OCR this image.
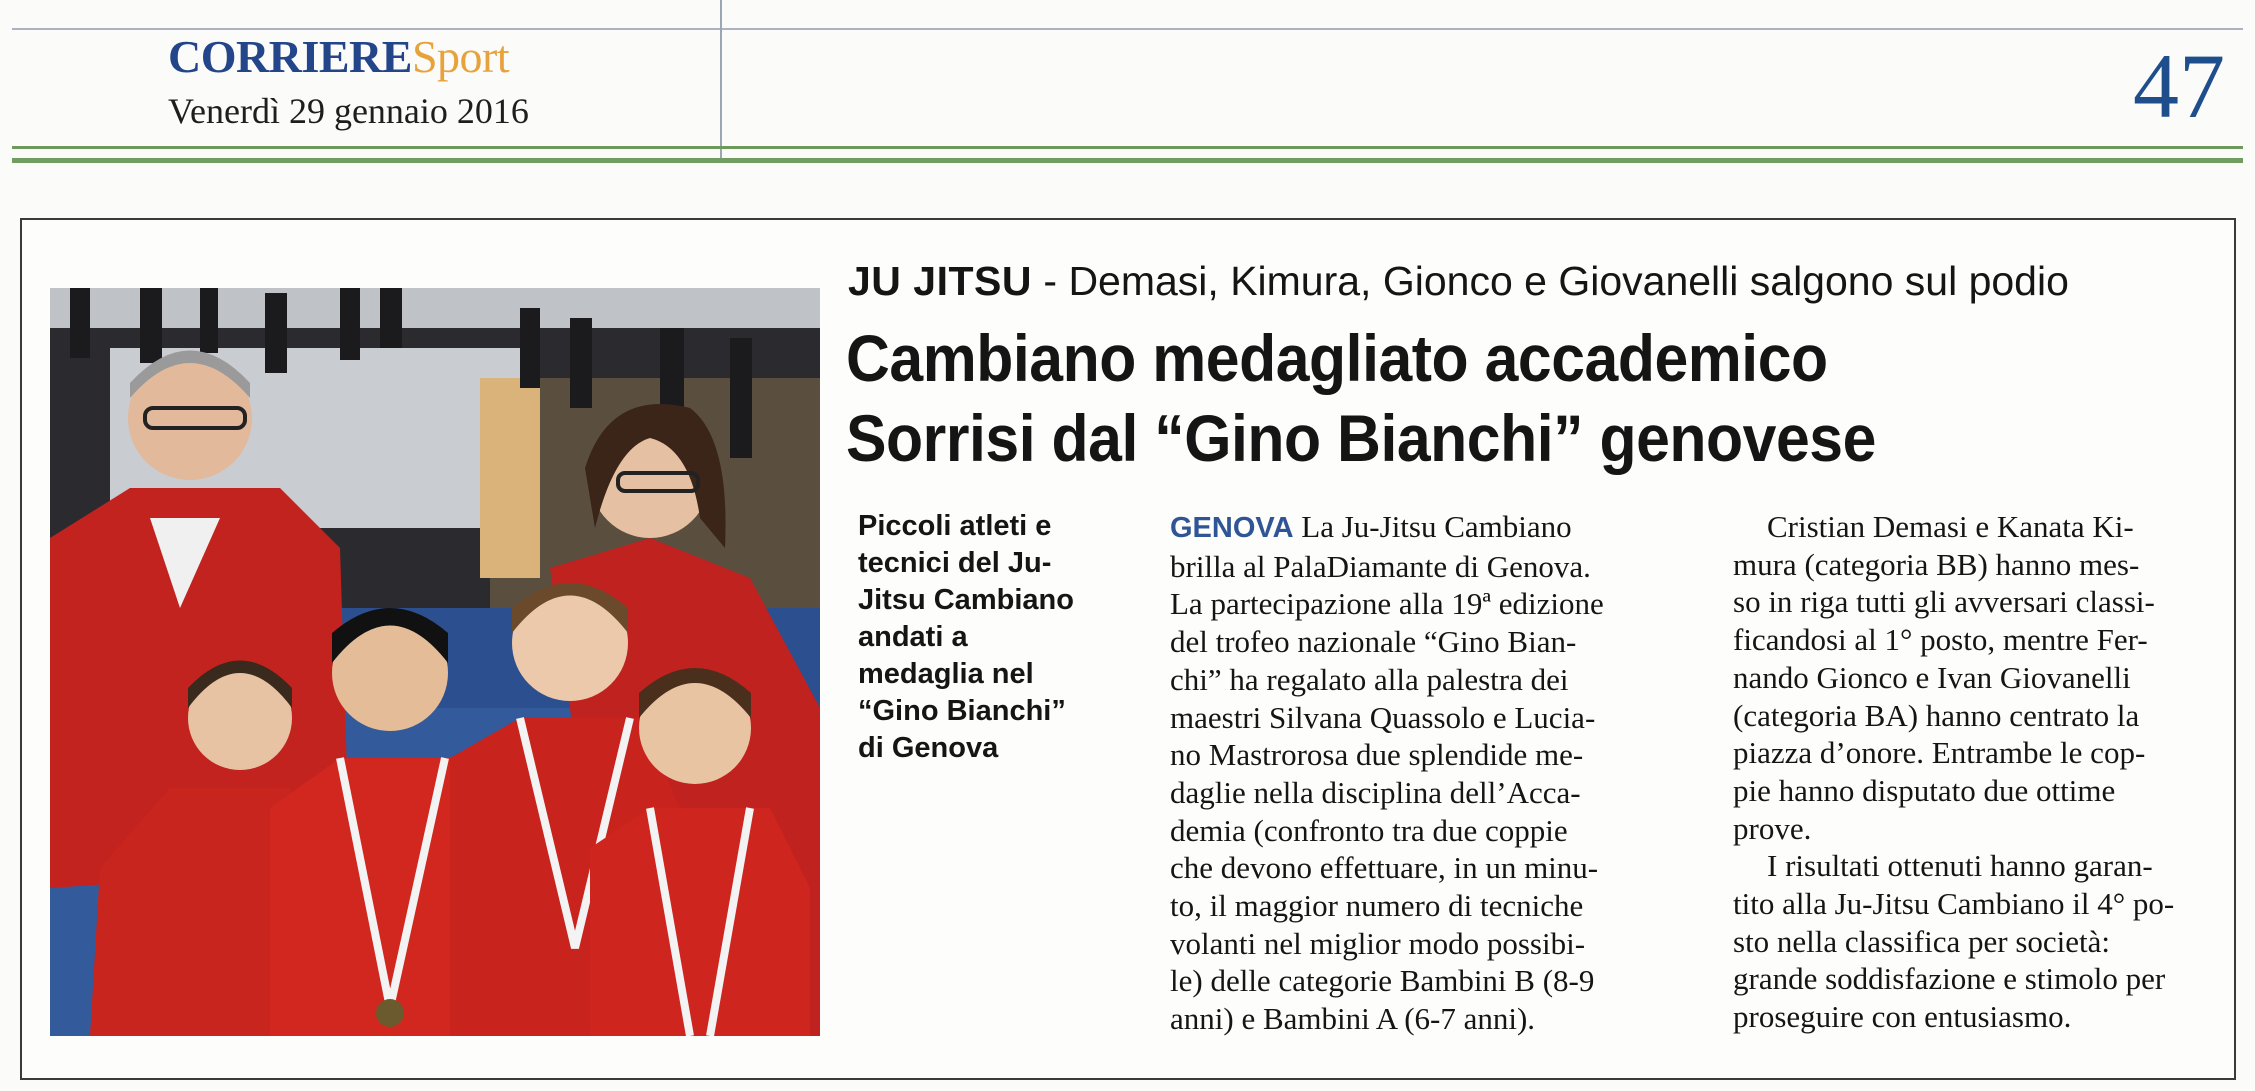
CORRIERESport
Venerdì 29 gennaio 2016	47
JU JITSU - Demasi, Kimura, Gionco e Giovanelli salgono sul podio
Cambiano medagliato accademico
Sorrisi dal “Gino Bianchi” genovese
Piccoli atleti e
tecnici del Ju-
Jitsu Cambiano
andati a
medaglia nel
“Gino Bianchi”
di Genova
GENOVA La Ju-Jitsu Cambiano
brilla al PalaDiamante di Genova.
La partecipazione alla 19ª edizione
del trofeo nazionale “Gino Bian-
chi” ha regalato alla palestra dei
maestri Silvana Quassolo e Lucia-
no Mastrorosa due splendide me-
daglie nella disciplina dell’Acca-
demia (confronto tra due coppie
che devono effettuare, in un minu-
to, il maggior numero di tecniche
volanti nel miglior modo possibi-
le) delle categorie Bambini B (8-9
anni) e Bambini A (6-7 anni).
Cristian Demasi e Kanata Ki-
mura (categoria BB) hanno mes-
so in riga tutti gli avversari classi-
ficandosi al 1° posto, mentre Fer-
nando Gionco e Ivan Giovanelli
(categoria BA) hanno centrato la
piazza d’onore. Entrambe le cop-
pie hanno disputato due ottime
prove.
I risultati ottenuti hanno garan-
tito alla Ju-Jitsu Cambiano il 4° po-
sto nella classifica per società:
grande soddisfazione e stimolo per
proseguire con entusiasmo.
